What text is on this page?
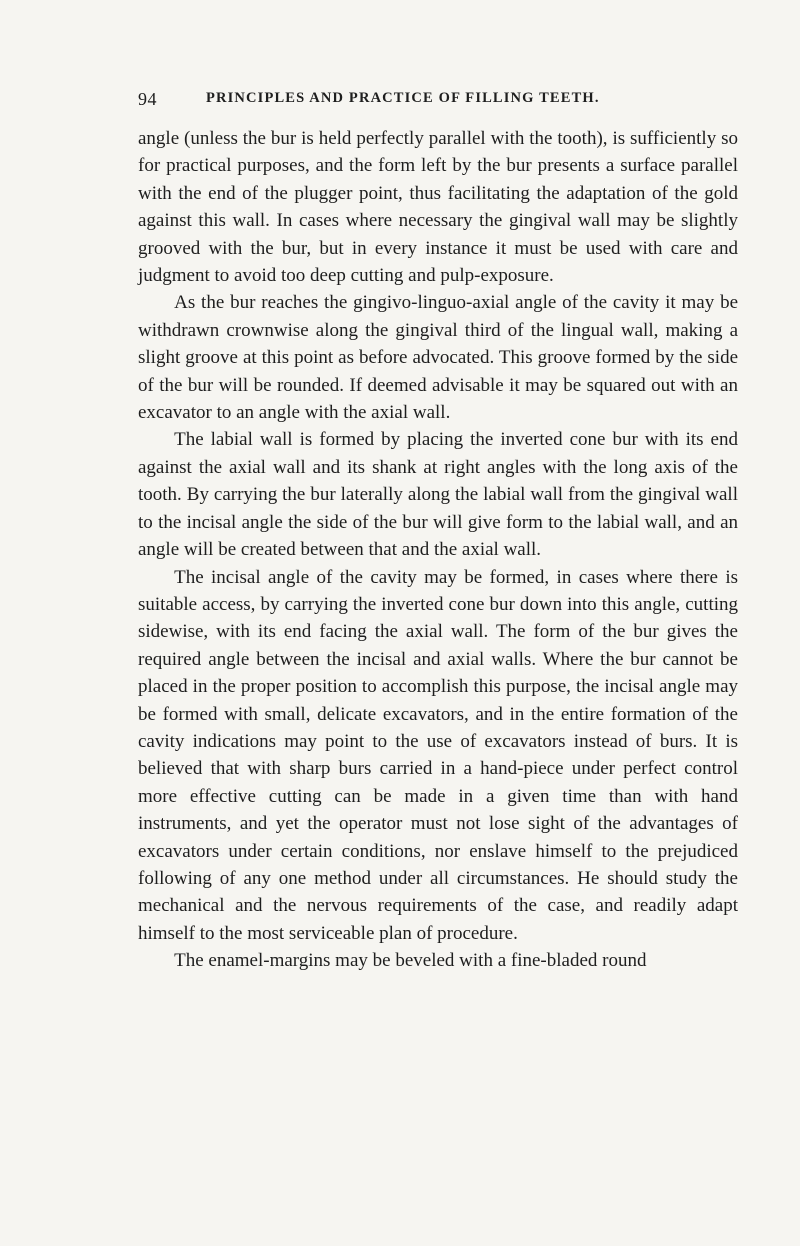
94	PRINCIPLES AND PRACTICE OF FILLING TEETH.

angle (unless the bur is held perfectly parallel with the tooth), is sufficiently so for practical purposes, and the form left by the bur presents a surface parallel with the end of the plugger point, thus facilitating the adaptation of the gold against this wall. In cases where necessary the gingival wall may be slightly grooved with the bur, but in every instance it must be used with care and judgment to avoid too deep cutting and pulp-exposure.

As the bur reaches the gingivo-linguo-axial angle of the cavity it may be withdrawn crownwise along the gingival third of the lingual wall, making a slight groove at this point as before advocated. This groove formed by the side of the bur will be rounded. If deemed advisable it may be squared out with an excavator to an angle with the axial wall.

The labial wall is formed by placing the inverted cone bur with its end against the axial wall and its shank at right angles with the long axis of the tooth. By carrying the bur laterally along the labial wall from the gingival wall to the incisal angle the side of the bur will give form to the labial wall, and an angle will be created between that and the axial wall.

The incisal angle of the cavity may be formed, in cases where there is suitable access, by carrying the inverted cone bur down into this angle, cutting sidewise, with its end facing the axial wall. The form of the bur gives the required angle between the incisal and axial walls. Where the bur cannot be placed in the proper position to accomplish this purpose, the incisal angle may be formed with small, delicate excavators, and in the entire formation of the cavity indications may point to the use of excavators instead of burs. It is believed that with sharp burs carried in a hand-piece under perfect control more effective cutting can be made in a given time than with hand instruments, and yet the operator must not lose sight of the advantages of excavators under certain conditions, nor enslave himself to the prejudiced following of any one method under all circumstances. He should study the mechanical and the nervous requirements of the case, and readily adapt himself to the most serviceable plan of procedure.

The enamel-margins may be beveled with a fine-bladed round
